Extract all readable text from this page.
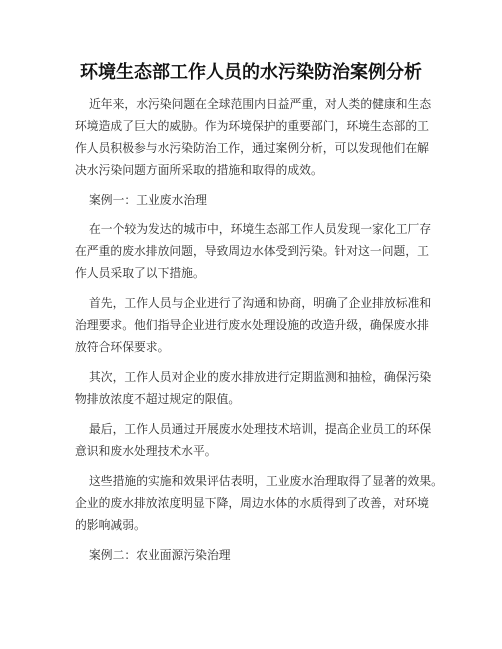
环境生态部工作人员的水污染防治案例分析
近年来，水污染问题在全球范围内日益严重，对人类的健康和生态
环境造成了巨大的威胁。作为环境保护的重要部门，环境生态部的工
作人员积极参与水污染防治工作，通过案例分析，可以发现他们在解
决水污染问题方面所采取的措施和取得的成效。
案例一：工业废水治理
在一个较为发达的城市中，环境生态部工作人员发现一家化工厂存
在严重的废水排放问题，导致周边水体受到污染。针对这一问题，工
作人员采取了以下措施。
首先，工作人员与企业进行了沟通和协商，明确了企业排放标准和
治理要求。他们指导企业进行废水处理设施的改造升级，确保废水排
放符合环保要求。
其次，工作人员对企业的废水排放进行定期监测和抽检，确保污染
物排放浓度不超过规定的限值。
最后，工作人员通过开展废水处理技术培训，提高企业员工的环保
意识和废水处理技术水平。
这些措施的实施和效果评估表明，工业废水治理取得了显著的效果。
企业的废水排放浓度明显下降，周边水体的水质得到了改善，对环境
的影响减弱。
案例二：农业面源污染治理
